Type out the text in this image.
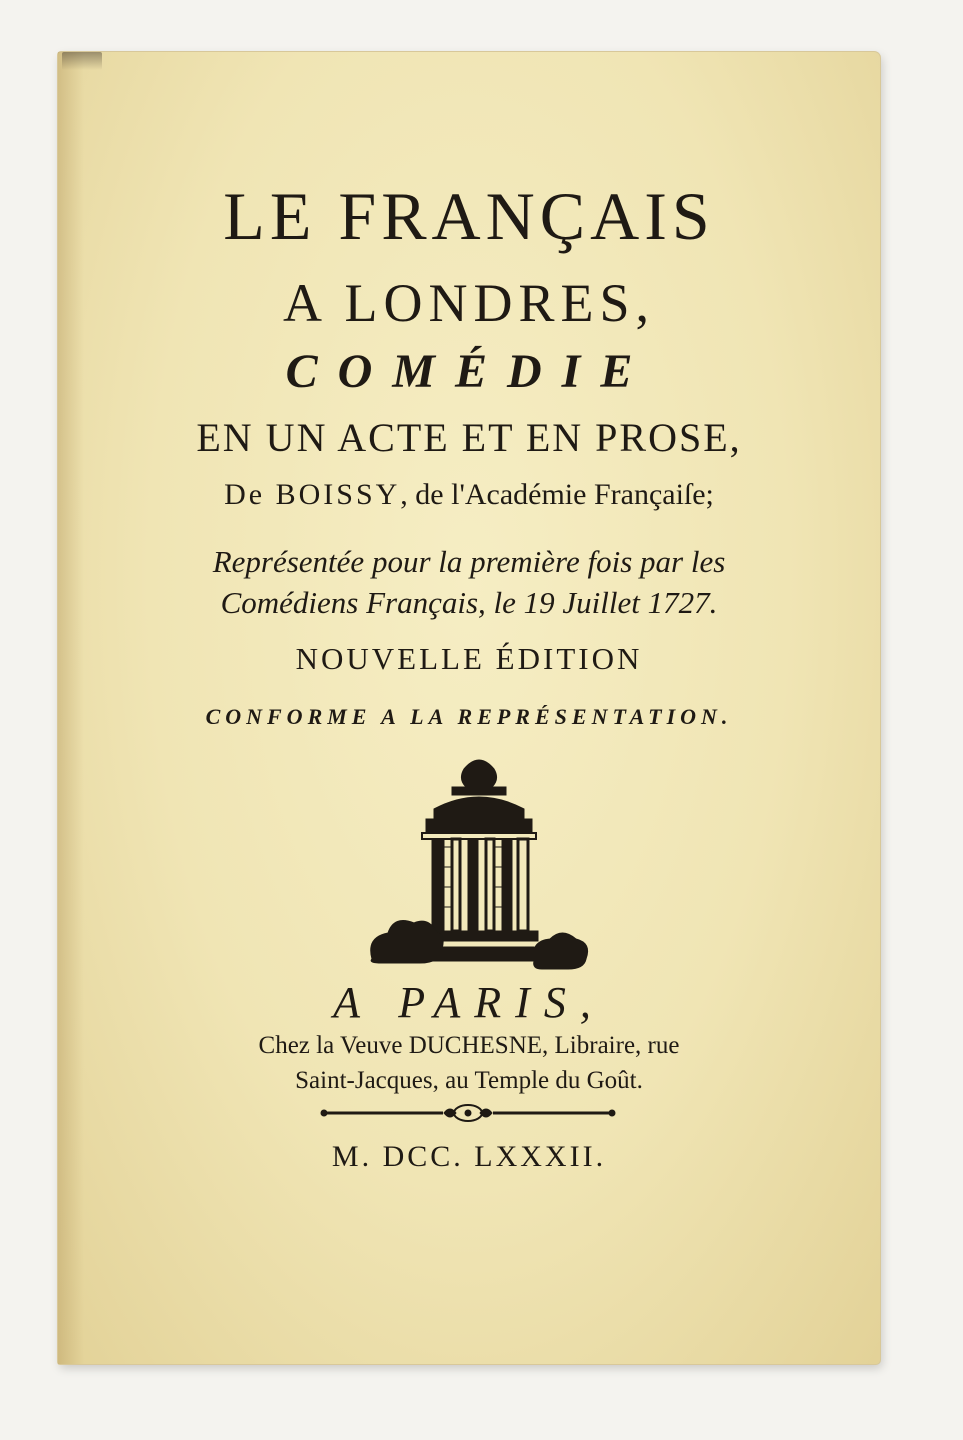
LE FRANÇAIS
A LONDRES,
COMÉDIE
EN UN ACTE ET EN PROSE,
De BOISSY, de l'Académie Françaiſe;
Représentée pour la première fois par les
Comédiens Français, le 19 Juillet 1727.
NOUVELLE ÉDITION
CONFORME A LA REPRÉSENTATION.
A PARIS,
Chez la Veuve DUCHESNE, Libraire, rue
Saint-Jacques, au Temple du Goût.
M. DCC. LXXXII.
